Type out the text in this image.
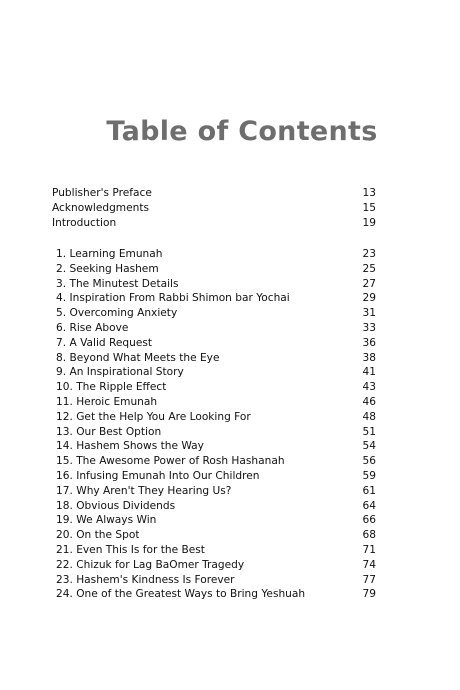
Table of Contents
Publisher's Preface	13
Acknowledgments	15
Introduction	19
1. Learning Emunah	23
2. Seeking Hashem	25
3. The Minutest Details	27
4. Inspiration From Rabbi Shimon bar Yochai	29
5. Overcoming Anxiety	31
6. Rise Above	33
7. A Valid Request	36
8. Beyond What Meets the Eye	38
9. An Inspirational Story	41
10. The Ripple Effect	43
11. Heroic Emunah	46
12. Get the Help You Are Looking For	48
13. Our Best Option	51
14. Hashem Shows the Way	54
15. The Awesome Power of Rosh Hashanah	56
16. Infusing Emunah Into Our Children	59
17. Why Aren't They Hearing Us?	61
18. Obvious Dividends	64
19. We Always Win	66
20. On the Spot	68
21. Even This Is for the Best	71
22. Chizuk for Lag BaOmer Tragedy	74
23. Hashem's Kindness Is Forever	77
24. One of the Greatest Ways to Bring Yeshuah	79
